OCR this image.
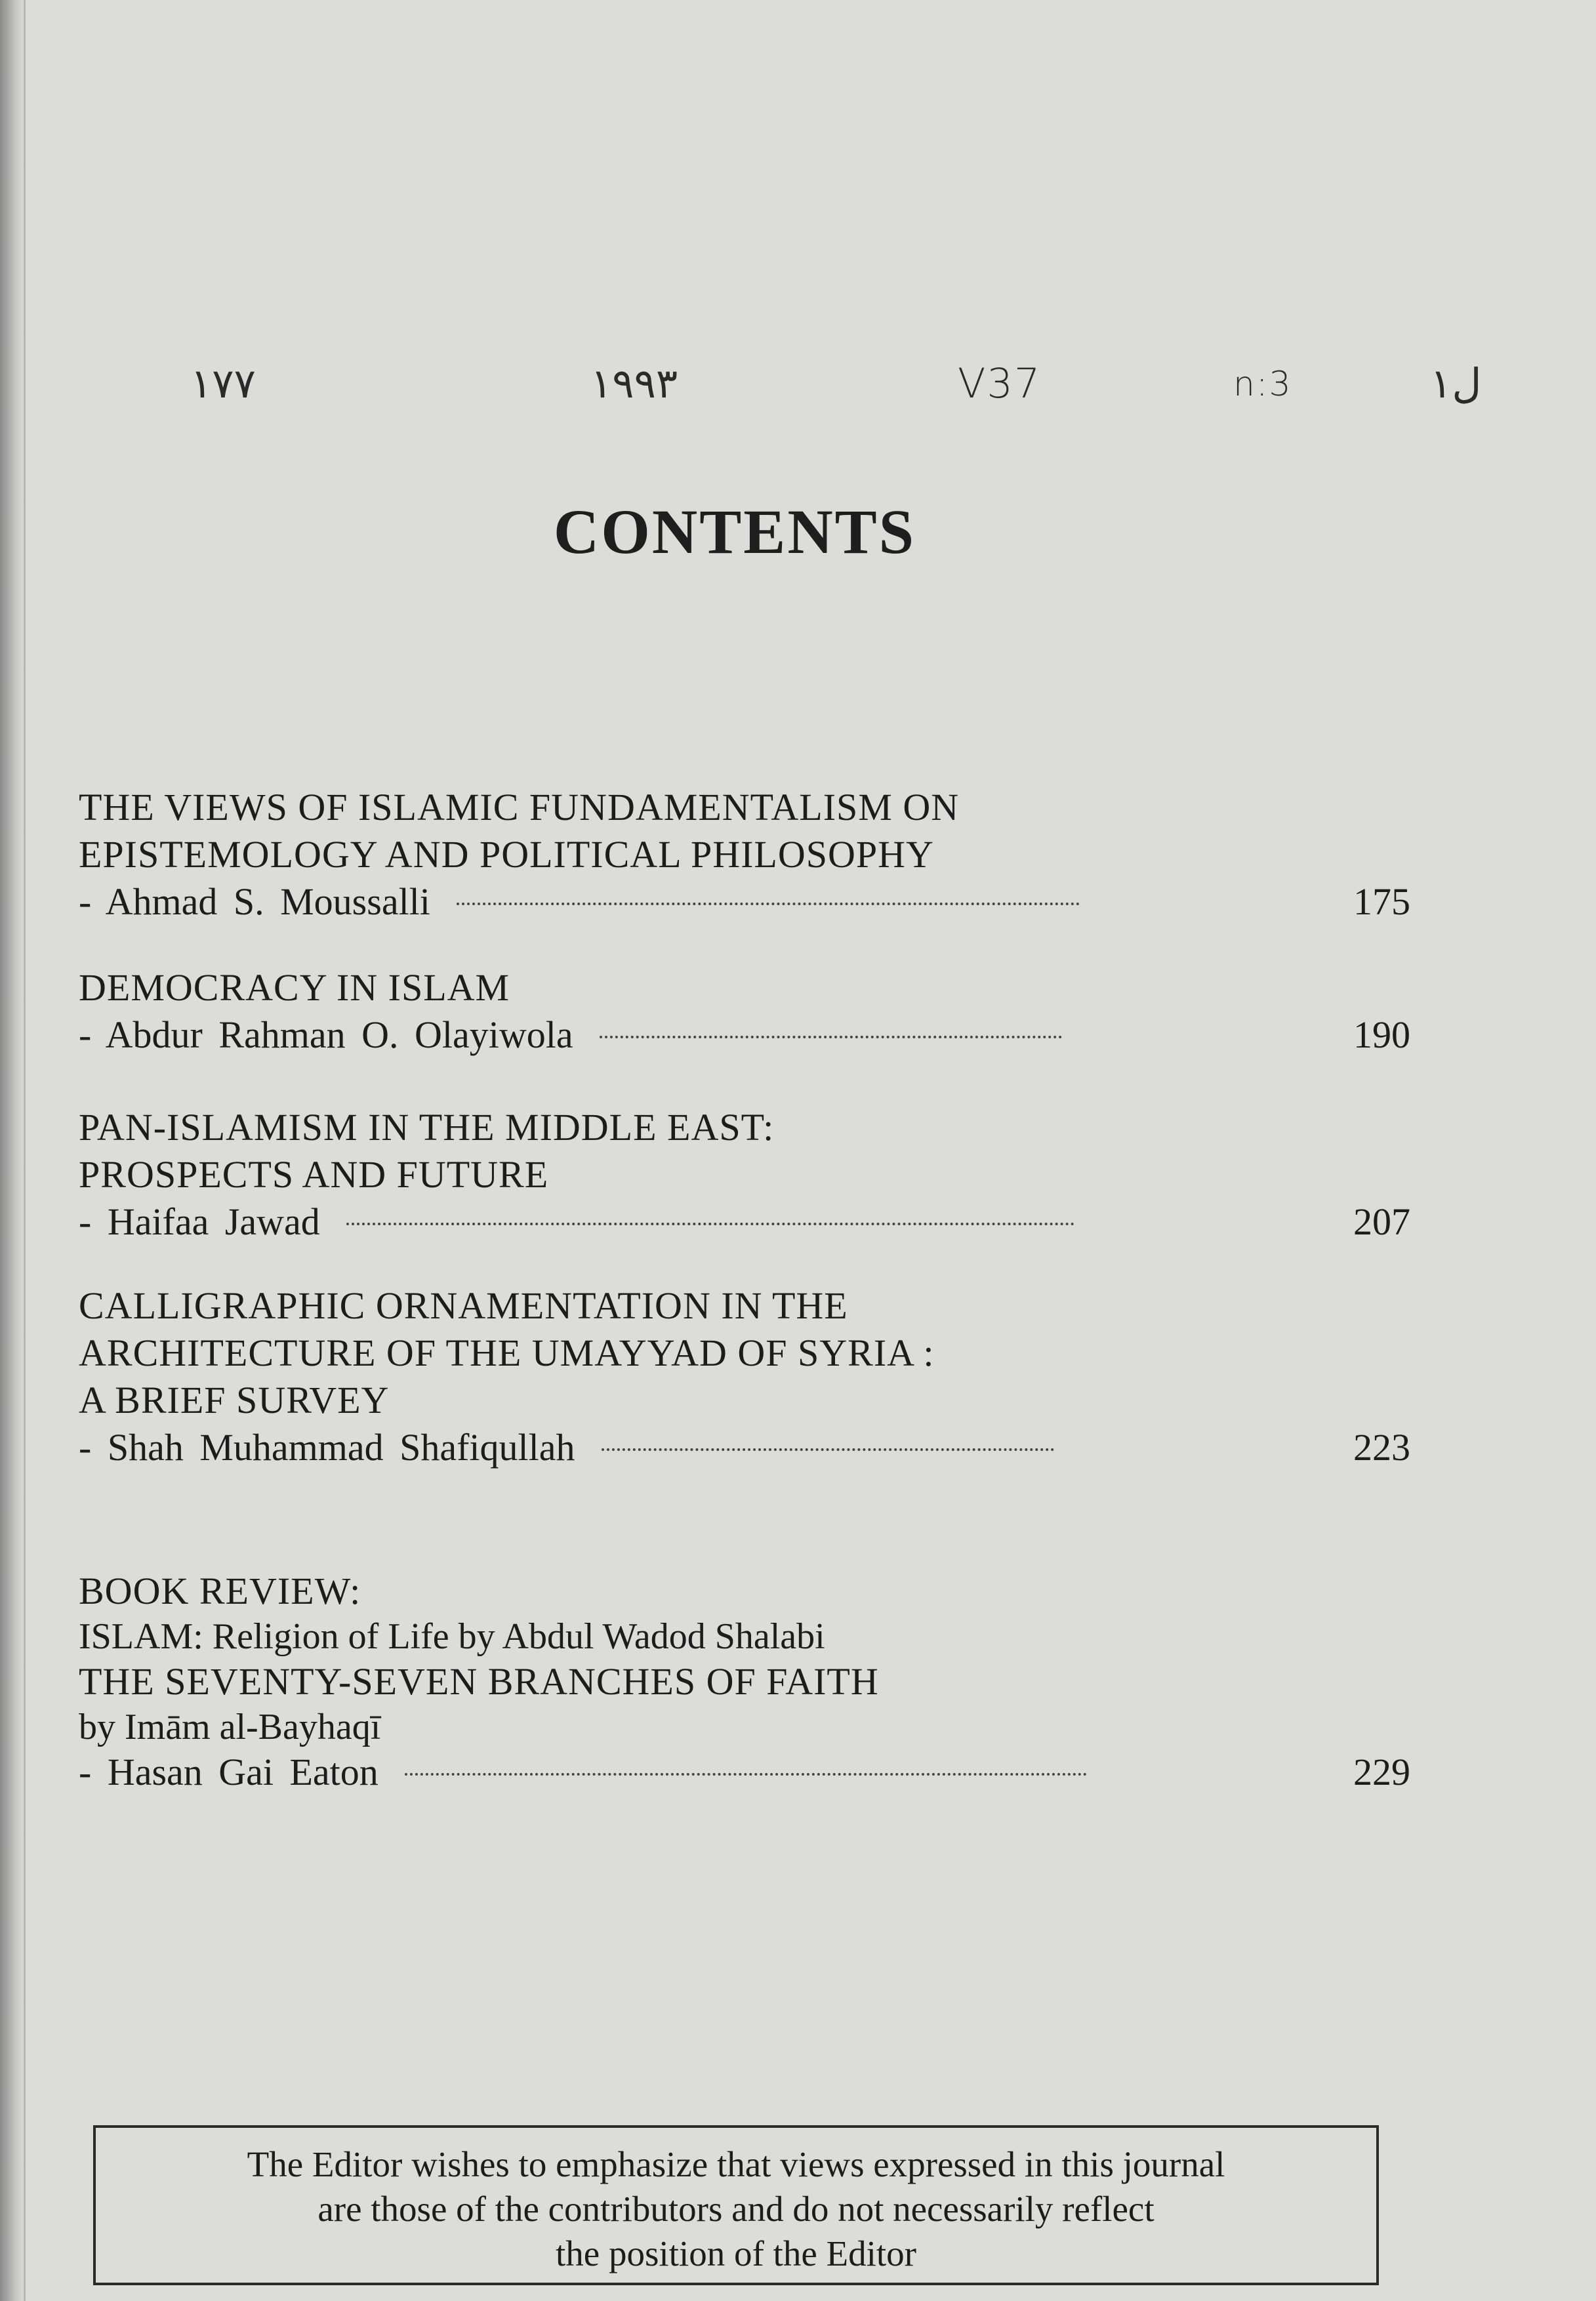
١٧٧	١٩٩٣	V37	n:3	ل١
CONTENTS
THE VIEWS OF ISLAMIC FUNDAMENTALISM ON
EPISTEMOLOGY AND POLITICAL PHILOSOPHY
- Ahmad S. Moussalli	175
DEMOCRACY IN ISLAM
- Abdur Rahman O. Olayiwola	190
PAN-ISLAMISM IN THE MIDDLE EAST:
PROSPECTS AND FUTURE
- Haifaa Jawad	207
CALLIGRAPHIC ORNAMENTATION IN THE
ARCHITECTURE OF THE UMAYYAD OF SYRIA :
A BRIEF SURVEY
- Shah Muhammad Shafiqullah	223
BOOK REVIEW:
ISLAM: Religion of Life by Abdul Wadod Shalabi
THE SEVENTY-SEVEN BRANCHES OF FAITH
by Imām al-Bayhaqī
- Hasan Gai Eaton	229
The Editor wishes to emphasize that views expressed in this journal
are those of the contributors and do not necessarily reflect
the position of the Editor
